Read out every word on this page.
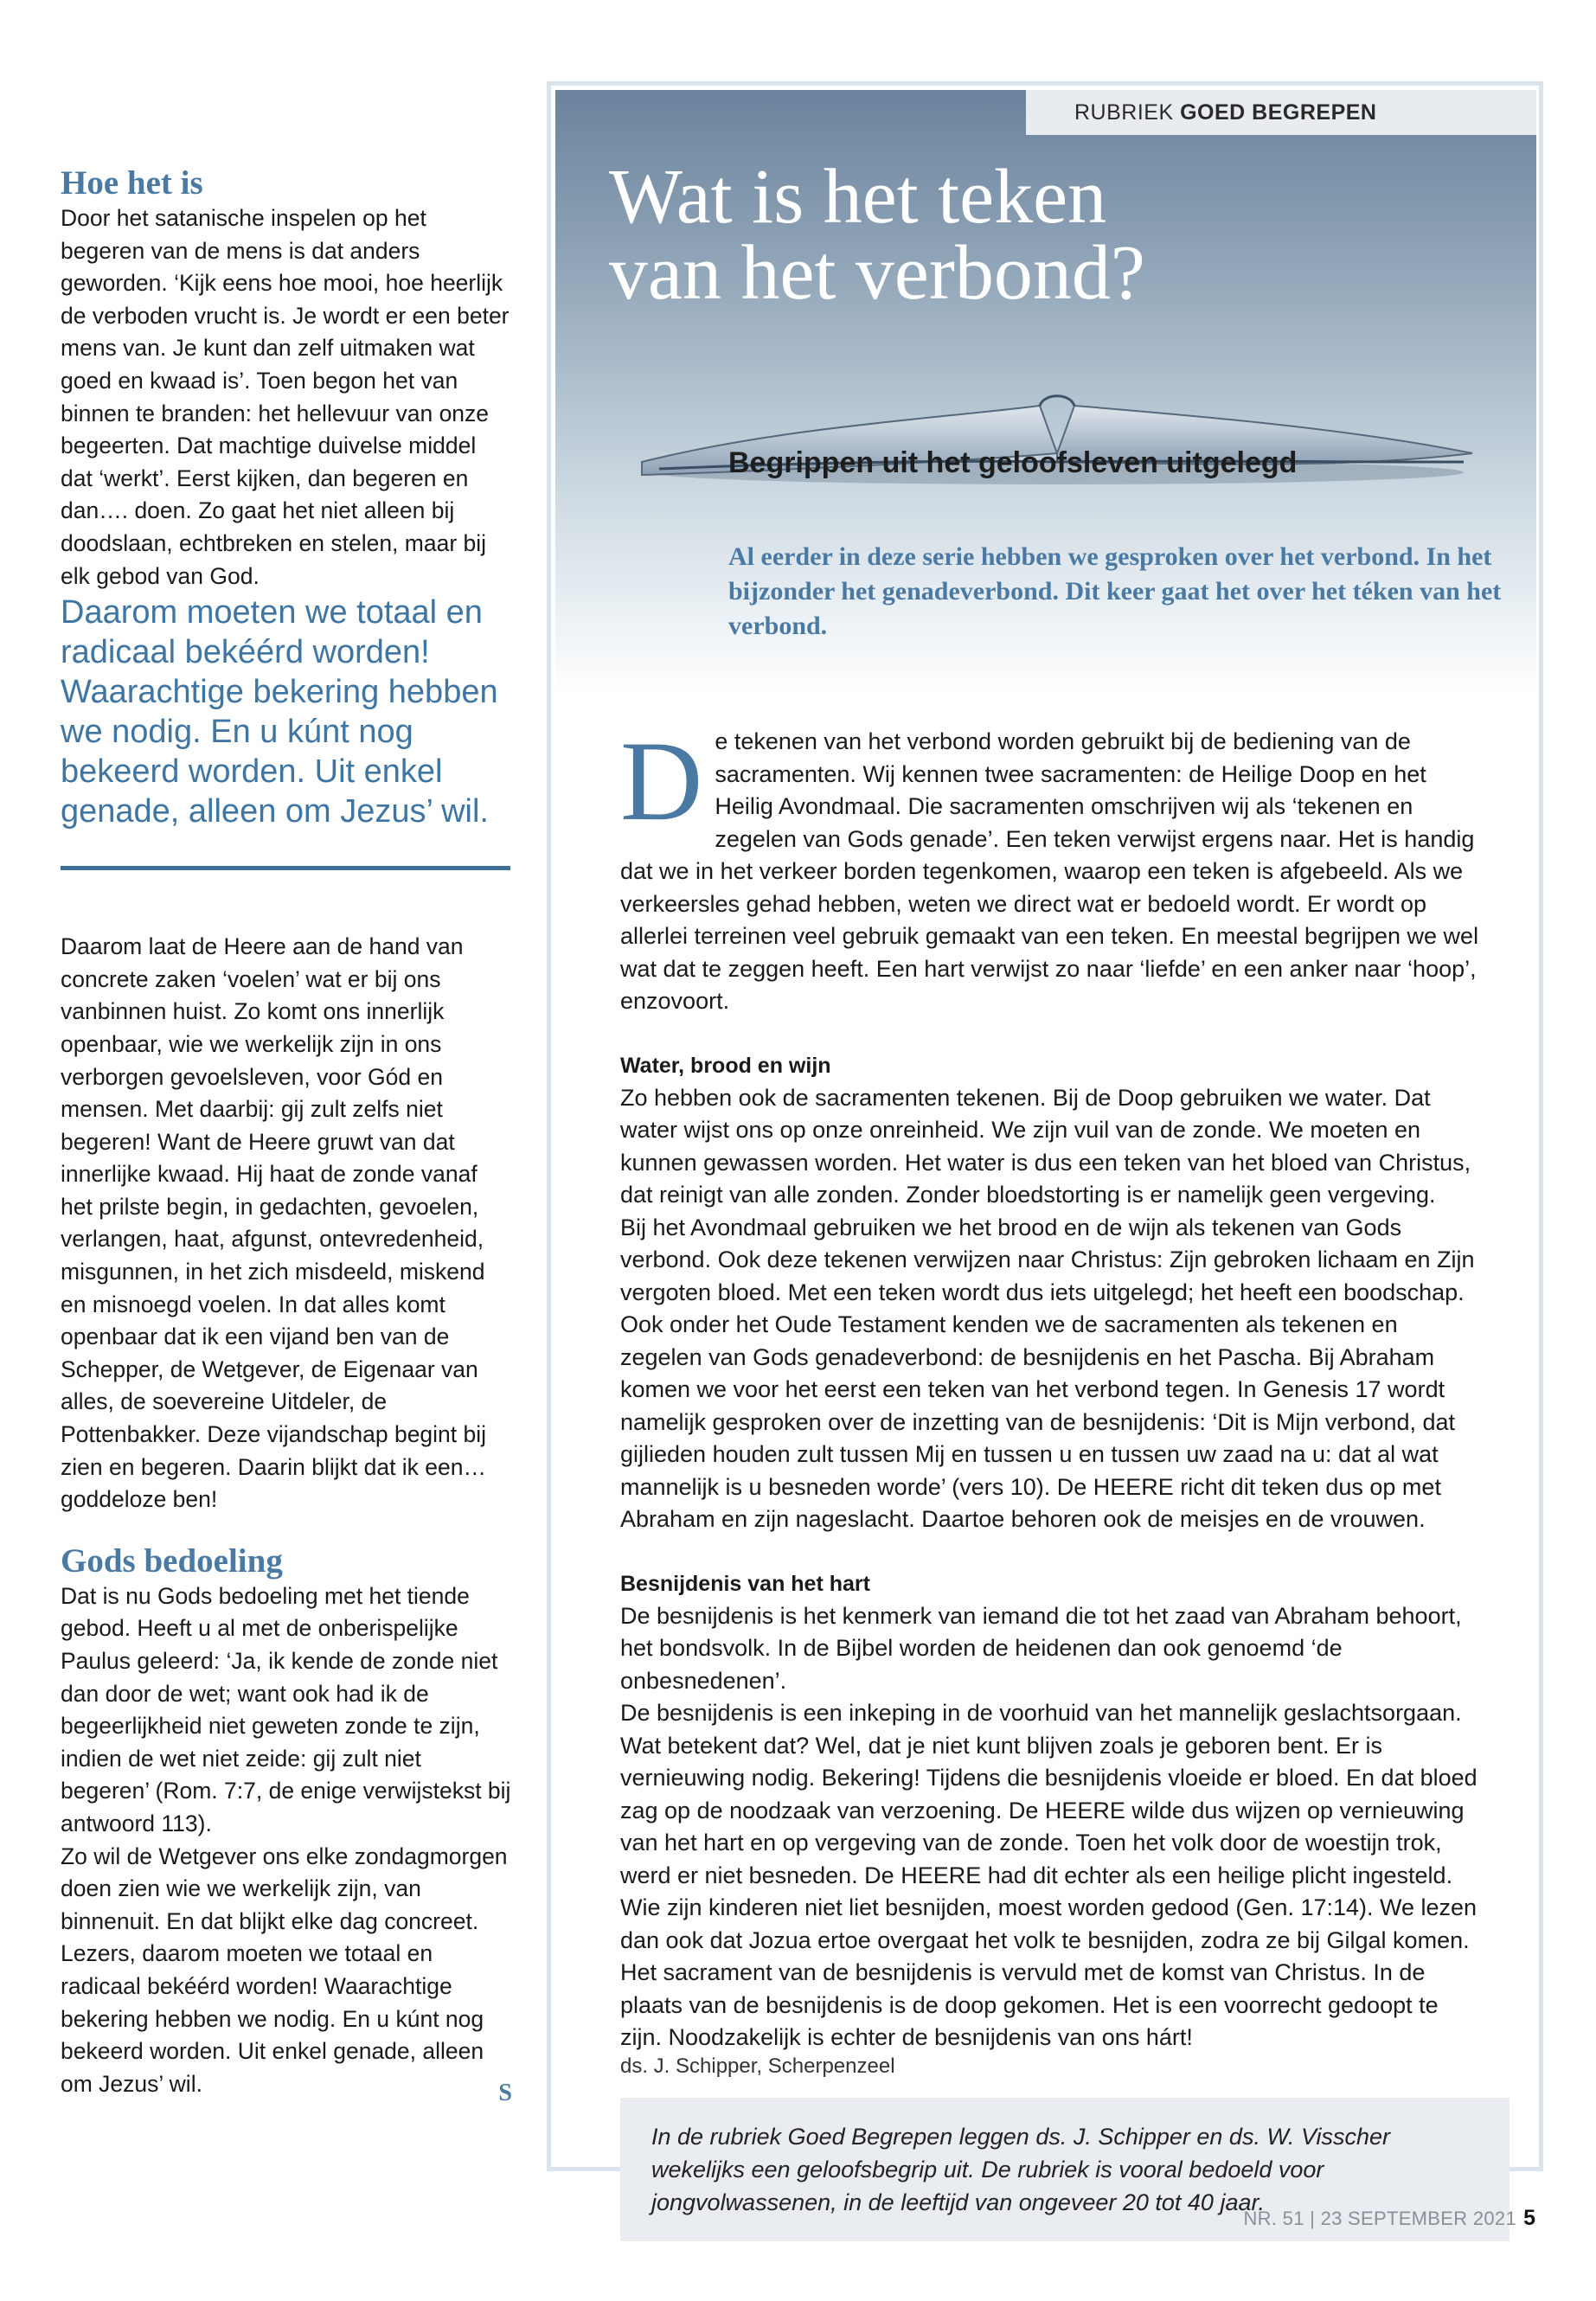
Hoe het is

Door het satanische inspelen op het begeren van de mens is dat anders geworden. ‘Kijk eens hoe mooi, hoe heerlijk de verboden vrucht is. Je wordt er een beter mens van. Je kunt dan zelf uitmaken wat goed en kwaad is’. Toen begon het van binnen te branden: het hellevuur van onze begeerten. Dat machtige duivelse middel dat ‘werkt’. Eerst kijken, dan begeren en dan…. doen. Zo gaat het niet alleen bij doodslaan, echtbreken en stelen, maar bij elk gebod van God.

Daarom moeten we totaal en radicaal bekéérd worden! Waarachtige bekering hebben we nodig. En u kúnt nog bekeerd worden. Uit enkel genade, alleen om Jezus’ wil.

Daarom laat de Heere aan de hand van concrete zaken ‘voelen’ wat er bij ons vanbinnen huist. Zo komt ons innerlijk openbaar, wie we werkelijk zijn in ons verborgen gevoelsleven, voor Gód en mensen. Met daarbij: gij zult zelfs niet begeren! Want de Heere gruwt van dat innerlijke kwaad. Hij haat de zonde vanaf het prilste begin, in gedachten, gevoelen, verlangen, haat, afgunst, ontevredenheid, misgunnen, in het zich misdeeld, miskend en misnoegd voelen. In dat alles komt openbaar dat ik een vijand ben van de Schepper, de Wetgever, de Eigenaar van alles, de soevereine Uitdeler, de Pottenbakker. Deze vijandschap begint bij zien en begeren. Daarin blijkt dat ik een… goddeloze ben!

Gods bedoeling

Dat is nu Gods bedoeling met het tiende gebod. Heeft u al met de onberispelijke Paulus geleerd: ‘Ja, ik kende de zonde niet dan door de wet; want ook had ik de begeerlijkheid niet geweten zonde te zijn, indien de wet niet zeide: gij zult niet begeren’ (Rom. 7:7, de enige verwijstekst bij antwoord 113).

Zo wil de Wetgever ons elke zondagmorgen doen zien wie we werkelijk zijn, van binnenuit. En dat blijkt elke dag concreet. Lezers, daarom moeten we totaal en radicaal bekéérd worden! Waarachtige bekering hebben we nodig. En u kúnt nog bekeerd worden. Uit enkel genade, alleen om Jezus’ wil.	S

RUBRIEK GOED BEGREPEN
Wat is het teken
van het verbond?
Begrippen uit het geloofsleven uitgelegd

Al eerder in deze serie hebben we gesproken over het verbond. In het bijzonder het genadeverbond. Dit keer gaat het over het téken van het verbond.

De tekenen van het verbond worden gebruikt bij de bediening van de sacramenten. Wij kennen twee sacramenten: de Heilige Doop en het Heilig Avondmaal. Die sacramenten omschrijven wij als ‘tekenen en zegelen van Gods genade’. Een teken verwijst ergens naar. Het is handig dat we in het verkeer borden tegenkomen, waarop een teken is afgebeeld. Als we verkeersles gehad hebben, weten we direct wat er bedoeld wordt. Er wordt op allerlei terreinen veel gebruik gemaakt van een teken. En meestal begrijpen we wel wat dat te zeggen heeft. Een hart verwijst zo naar ‘liefde’ en een anker naar ‘hoop’, enzovoort.

Water, brood en wijn

Zo hebben ook de sacramenten tekenen. Bij de Doop gebruiken we water. Dat water wijst ons op onze onreinheid. We zijn vuil van de zonde. We moeten en kunnen gewassen worden. Het water is dus een teken van het bloed van Christus, dat reinigt van alle zonden. Zonder bloedstorting is er namelijk geen vergeving.

Bij het Avondmaal gebruiken we het brood en de wijn als tekenen van Gods verbond. Ook deze tekenen verwijzen naar Christus: Zijn gebroken lichaam en Zijn vergoten bloed. Met een teken wordt dus iets uitgelegd; het heeft een boodschap.

Ook onder het Oude Testament kenden we de sacramenten als tekenen en zegelen van Gods genadeverbond: de besnijdenis en het Pascha. Bij Abraham komen we voor het eerst een teken van het verbond tegen. In Genesis 17 wordt namelijk gesproken over de inzetting van de besnijdenis: ‘Dit is Mijn verbond, dat gijlieden houden zult tussen Mij en tussen u en tussen uw zaad na u: dat al wat mannelijk is u besneden worde’ (vers 10). De HEERE richt dit teken dus op met Abraham en zijn nageslacht. Daartoe behoren ook de meisjes en de vrouwen.

Besnijdenis van het hart

De besnijdenis is het kenmerk van iemand die tot het zaad van Abraham behoort, het bondsvolk. In de Bijbel worden de heidenen dan ook genoemd ‘de onbesnedenen’.

De besnijdenis is een inkeping in de voorhuid van het mannelijk geslachtsorgaan. Wat betekent dat? Wel, dat je niet kunt blijven zoals je geboren bent. Er is vernieuwing nodig. Bekering! Tijdens die besnijdenis vloeide er bloed. En dat bloed zag op de noodzaak van verzoening. De HEERE wilde dus wijzen op vernieuwing van het hart en op vergeving van de zonde. Toen het volk door de woestijn trok, werd er niet besneden. De HEERE had dit echter als een heilige plicht ingesteld. Wie zijn kinderen niet liet besnijden, moest worden gedood (Gen. 17:14). We lezen dan ook dat Jozua ertoe overgaat het volk te besnijden, zodra ze bij Gilgal komen.

Het sacrament van de besnijdenis is vervuld met de komst van Christus. In de plaats van de besnijdenis is de doop gekomen. Het is een voorrecht gedoopt te zijn. Noodzakelijk is echter de besnijdenis van ons hárt!

ds. J. Schipper, Scherpenzeel

In de rubriek Goed Begrepen leggen ds. J. Schipper en ds. W. Visscher wekelijks een geloofsbegrip uit. De rubriek is vooral bedoeld voor jongvolwassenen, in de leeftijd van ongeveer 20 tot 40 jaar.
NR. 51 | 23 SEPTEMBER 2021 5
